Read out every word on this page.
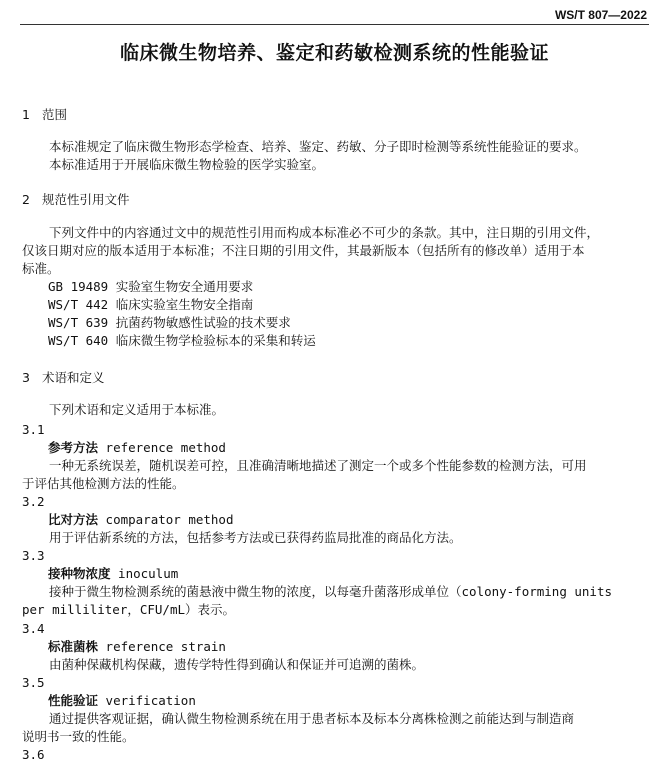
WS/T 807—2022
临床微生物培养、鉴定和药敏检测系统的性能验证
1 范围
本标准规定了临床微生物形态学检查、培养、鉴定、药敏、分子即时检测等系统性能验证的要求。
本标准适用于开展临床微生物检验的医学实验室。
2 规范性引用文件
下列文件中的内容通过文中的规范性引用而构成本标准必不可少的条款。其中，注日期的引用文件，
仅该日期对应的版本适用于本标准；不注日期的引用文件，其最新版本（包括所有的修改单）适用于本
标准。
GB 19489 实验室生物安全通用要求
WS/T 442 临床实验室生物安全指南
WS/T 639 抗菌药物敏感性试验的技术要求
WS/T 640 临床微生物学检验标本的采集和转运
3 术语和定义
下列术语和定义适用于本标准。
3.1
参考方法 reference method
一种无系统误差，随机误差可控，且准确清晰地描述了测定一个或多个性能参数的检测方法，可用
于评估其他检测方法的性能。
3.2
比对方法 comparator method
用于评估新系统的方法，包括参考方法或已获得药监局批准的商品化方法。
3.3
接种物浓度 inoculum
接种于微生物检测系统的菌悬液中微生物的浓度，以每毫升菌落形成单位（colony-forming units
per milliliter，CFU/mL）表示。
3.4
标准菌株 reference strain
由菌种保藏机构保藏，遗传学特性得到确认和保证并可追溯的菌株。
3.5
性能验证 verification
通过提供客观证据，确认微生物检测系统在用于患者标本及标本分离株检测之前能达到与制造商
说明书一致的性能。
3.6
